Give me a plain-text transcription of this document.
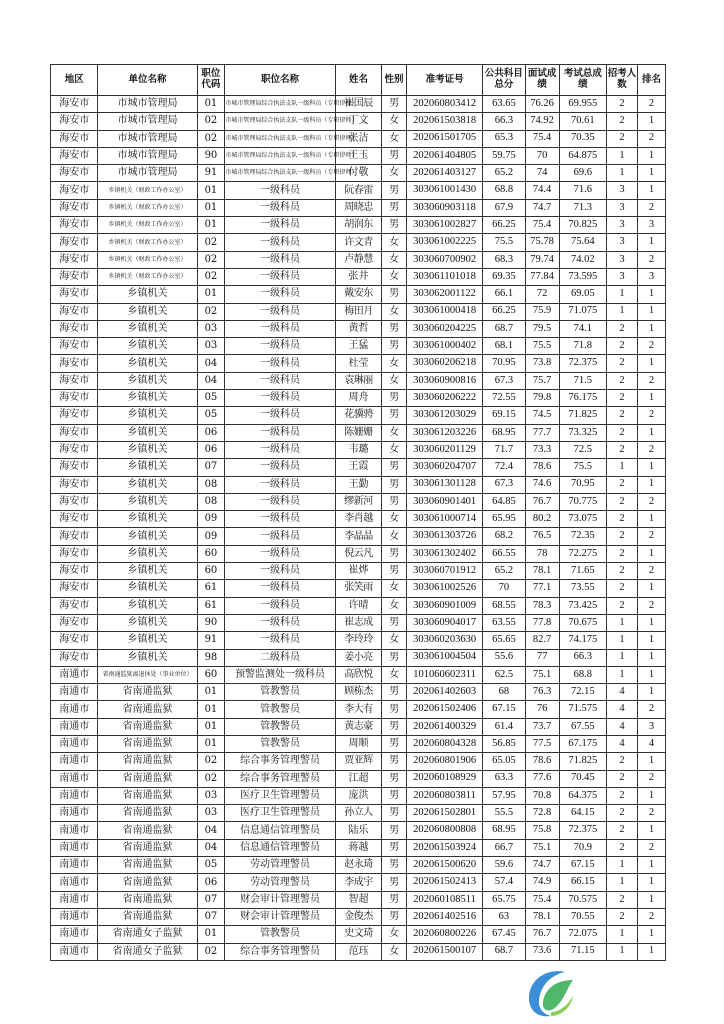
地区	单位名称	职位代码	职位名称	姓名	性别	准考证号	公共科目总分	面试成绩	考试总成绩	招考人数	排名
海安市	市城市管理局	01	市城市管理局综合执法支队一级科员（专职律师）	崔国辰	男	202060803412	63.65	76.26	69.955	2	2
海安市	市城市管理局	02	市城市管理局综合执法支队一级科员（专职律师）	丁文	女	202061503818	66.3	74.92	70.61	2	1
海安市	市城市管理局	02	市城市管理局综合执法支队一级科员（专职律师）	张洁	女	202061501705	65.3	75.4	70.35	2	2
海安市	市城市管理局	90	市城市管理局综合执法支队一级科员（专职律师）	王玉	男	202061404805	59.75	70	64.875	1	1
海安市	市城市管理局	91	市城市管理局综合执法支队一级科员（专职律师）	付敬	女	202061403127	65.2	74	69.6	1	1
海安市	乡镇机关（财政工作办公室）	01	一级科员	阮春雷	男	303061001430	68.8	74.4	71.6	3	1
海安市	乡镇机关（财政工作办公室）	01	一级科员	周晓忠	男	303060903118	67.9	74.7	71.3	3	2
海安市	乡镇机关（财政工作办公室）	01	一级科员	胡润东	男	303061002827	66.25	75.4	70.825	3	3
海安市	乡镇机关（财政工作办公室）	02	一级科员	许文青	女	303061002225	75.5	75.78	75.64	3	1
海安市	乡镇机关（财政工作办公室）	02	一级科员	卢静慧	女	303060700902	68.3	79.74	74.02	3	2
海安市	乡镇机关（财政工作办公室）	02	一级科员	张井	女	303061101018	69.35	77.84	73.595	3	3
海安市	乡镇机关	01	一级科员	戴安东	男	303062001122	66.1	72	69.05	1	1
海安市	乡镇机关	02	一级科员	梅田月	女	303061000418	66.25	75.9	71.075	1	1
海安市	乡镇机关	03	一级科员	黄哲	男	303060204225	68.7	79.5	74.1	2	1
海安市	乡镇机关	03	一级科员	王猛	男	303061000402	68.1	75.5	71.8	2	2
海安市	乡镇机关	04	一级科员	杜莹	女	303060206218	70.95	73.8	72.375	2	1
海安市	乡镇机关	04	一级科员	袁琳丽	女	303060900816	67.3	75.7	71.5	2	2
海安市	乡镇机关	05	一级科员	周舟	男	303060206222	72.55	79.8	76.175	2	1
海安市	乡镇机关	05	一级科员	花骥骋	男	303061203029	69.15	74.5	71.825	2	2
海安市	乡镇机关	06	一级科员	陈姗姗	女	303061203226	68.95	77.7	73.325	2	1
海安市	乡镇机关	06	一级科员	韦璐	女	303060201129	71.7	73.3	72.5	2	2
海安市	乡镇机关	07	一级科员	王霞	男	303060204707	72.4	78.6	75.5	1	1
海安市	乡镇机关	08	一级科员	王勤	男	303061301128	67.3	74.6	70.95	2	1
海安市	乡镇机关	08	一级科员	缪新河	男	303060901401	64.85	76.7	70.775	2	2
海安市	乡镇机关	09	一级科员	李肖越	女	303061000714	65.95	80.2	73.075	2	1
海安市	乡镇机关	09	一级科员	李晶晶	女	303061303726	68.2	76.5	72.35	2	2
海安市	乡镇机关	60	一级科员	倪云凡	男	303061302402	66.55	78	72.275	2	1
海安市	乡镇机关	60	一级科员	崔烨	男	303060701912	65.2	78.1	71.65	2	2
海安市	乡镇机关	61	一级科员	张笑雨	女	303061002526	70	77.1	73.55	2	1
海安市	乡镇机关	61	一级科员	许晴	女	303060901009	68.55	78.3	73.425	2	2
海安市	乡镇机关	90	一级科员	崔志成	男	303060904017	63.55	77.8	70.675	1	1
海安市	乡镇机关	91	一级科员	李玲玲	女	303060203630	65.65	82.7	74.175	1	1
海安市	乡镇机关	98	二级科员	姜小亮	男	303061004504	55.6	77	66.3	1	1
南通市	省南通监狱离退休处（事业单位）	60	预警监测处一级科员	高欣悦	女	101060602311	62.5	75.1	68.8	1	1
南通市	省南通监狱	01	管教警员	顾栋杰	男	202061402603	68	76.3	72.15	4	1
南通市	省南通监狱	01	管教警员	李大有	男	202061502406	67.15	76	71.575	4	2
南通市	省南通监狱	01	管教警员	黄志豪	男	202061400329	61.4	73.7	67.55	4	3
南通市	省南通监狱	01	管教警员	周顺	男	202060804328	56.85	77.5	67.175	4	4
南通市	省南通监狱	02	综合事务管理警员	贾亚辉	男	202060801906	65.05	78.6	71.825	2	1
南通市	省南通监狱	02	综合事务管理警员	江超	男	202060108929	63.3	77.6	70.45	2	2
南通市	省南通监狱	03	医疗卫生管理警员	庞洪	男	202060803811	57.95	70.8	64.375	2	1
南通市	省南通监狱	03	医疗卫生管理警员	孙立人	男	202061502801	55.5	72.8	64.15	2	2
南通市	省南通监狱	04	信息通信管理警员	陆乐	男	202060800808	68.95	75.8	72.375	2	1
南通市	省南通监狱	04	信息通信管理警员	蒋越	男	202061503924	66.7	75.1	70.9	2	2
南通市	省南通监狱	05	劳动管理警员	赵永琦	男	202061500620	59.6	74.7	67.15	1	1
南通市	省南通监狱	06	劳动管理警员	李成宇	男	202061502413	57.4	74.9	66.15	1	1
南通市	省南通监狱	07	财会审计管理警员	智超	男	202060108511	65.75	75.4	70.575	2	1
南通市	省南通监狱	07	财会审计管理警员	金俊杰	男	202061402516	63	78.1	70.55	2	2
南通市	省南通女子监狱	01	管教警员	史文琦	女	202060800226	67.45	76.7	72.075	1	1
南通市	省南通女子监狱	02	综合事务管理警员	范珏	女	202061500107	68.7	73.6	71.15	1	1
